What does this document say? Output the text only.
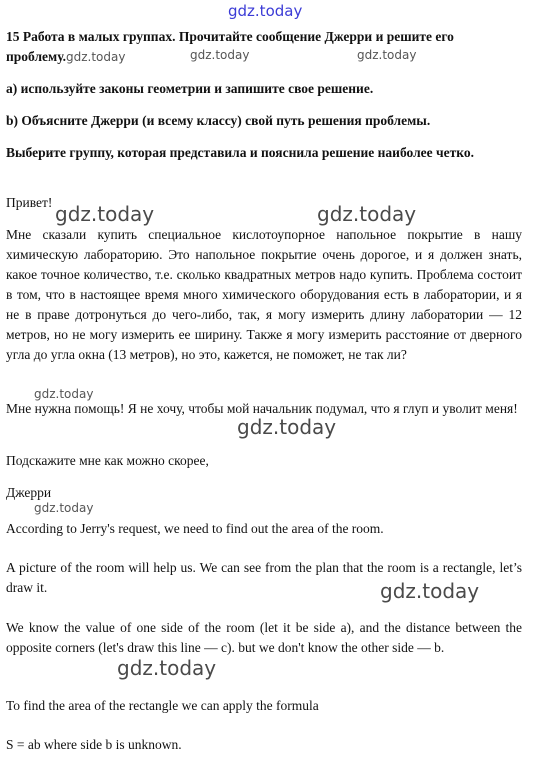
gdz.today
15 Работа в малых группах. Прочитайте сообщение Джерри и решите его
проблему.gdz.today	gdz.today	gdz.today
a) используйте законы геометрии и запишите свое решение.
b) Объясните Джерри (и всему классу) свой путь решения проблемы.
Выберите группу, которая представила и пояснила решение наиболее четко.
Привет! gdz.today	gdz.today
Мне сказали купить специальное кислотоупорное напольное покрытие в нашу химическую лабораторию. Это напольное покрытие очень дорогое, и я должен знать, какое точное количество, т.е. сколько квадратных метров надо купить. Проблема состоит в том, что в настоящее время много химического оборудования есть в лаборатории, и я не в праве дотронуться до чего-либо, так, я могу измерить длину лаборатории — 12 метров, но не могу измерить ее ширину. Также я могу измерить расстояние от дверного угла до угла окна (13 метров), но это, кажется, не поможет, не так ли?
gdz.today
Мне нужна помощь! Я не хочу, чтобы мой начальник подумал, что я глуп и уволит меня!
gdz.today
Подскажите мне как можно скорее,
Джерри
gdz.today
According to Jerry's request, we need to find out the area of the room.
A picture of the room will help us. We can see from the plan that the room is a rectangle, let’s draw it.	gdz.today
We know the value of one side of the room (let it be side a), and the distance between the opposite corners (let's draw this line — c). but we don't know the other side — b.
gdz.today
To find the area of the rectangle we can apply the formula
S = ab where side b is unknown.
